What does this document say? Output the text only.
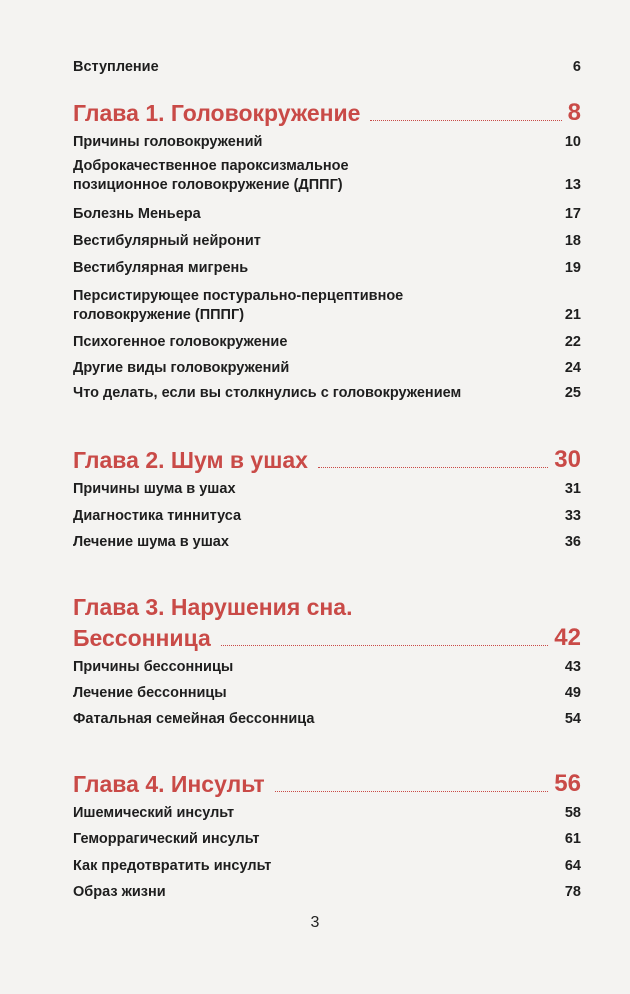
Вступление	6
Глава 1. Головокружение	8
Причины головокружений	10
Доброкачественное пароксизмальное позиционное головокружение (ДППГ)	13
Болезнь Меньера	17
Вестибулярный нейронит	18
Вестибулярная мигрень	19
Персистирующее постурально-перцептивное головокружение (ПППГ)	21
Психогенное головокружение	22
Другие виды головокружений	24
Что делать, если вы столкнулись с головокружением	25
Глава 2. Шум в ушах	30
Причины шума в ушах	31
Диагностика тиннитуса	33
Лечение шума в ушах	36
Глава 3. Нарушения сна.
Бессонница	42
Причины бессонницы	43
Лечение бессонницы	49
Фатальная семейная бессонница	54
Глава 4. Инсульт	56
Ишемический инсульт	58
Геморрагический инсульт	61
Как предотвратить инсульт	64
Образ жизни	78
3
